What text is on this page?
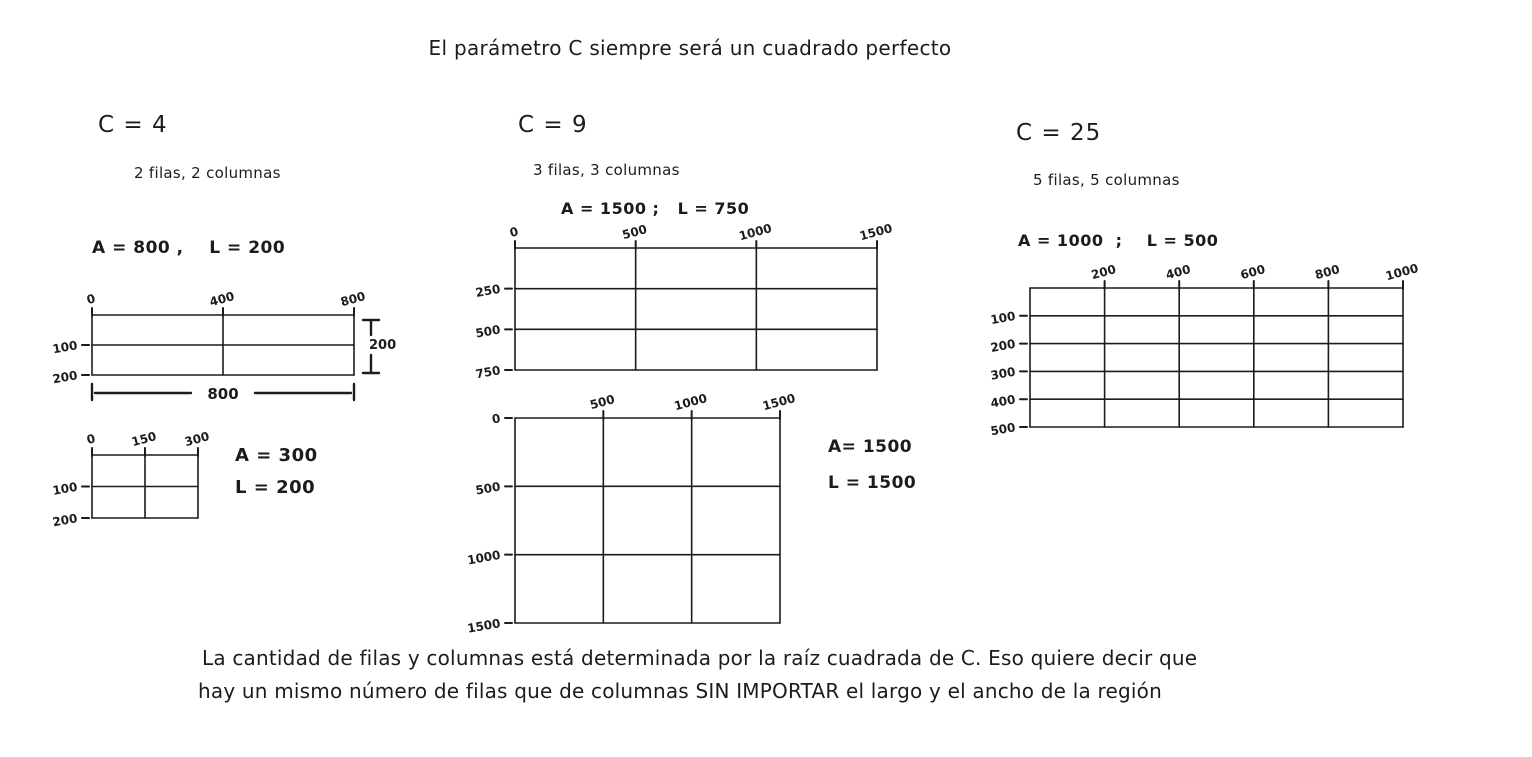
El parámetro C siempre será un cuadrado perfecto
C = 4
2 filas, 2 columnas
A = 800 ,    L = 200
C = 9
3 filas, 3 columnas
A = 1500 ;   L = 750
C = 25
5 filas, 5 columnas
A = 1000  ;    L = 500
0	400	800
100
200
800
200
0	150 300
100
200
A = 300
L = 200
0	500	1000	1500
250
500
750
500	1000	1500
0
500
1000
1500
A= 1500
L = 1500
200	400	600	800	1000
100
200
300
400
500
La cantidad de filas y columnas está determinada por la raíz cuadrada de C. Eso quiere decir que
hay un mismo número de filas que de columnas SIN IMPORTAR el largo y el ancho de la región
